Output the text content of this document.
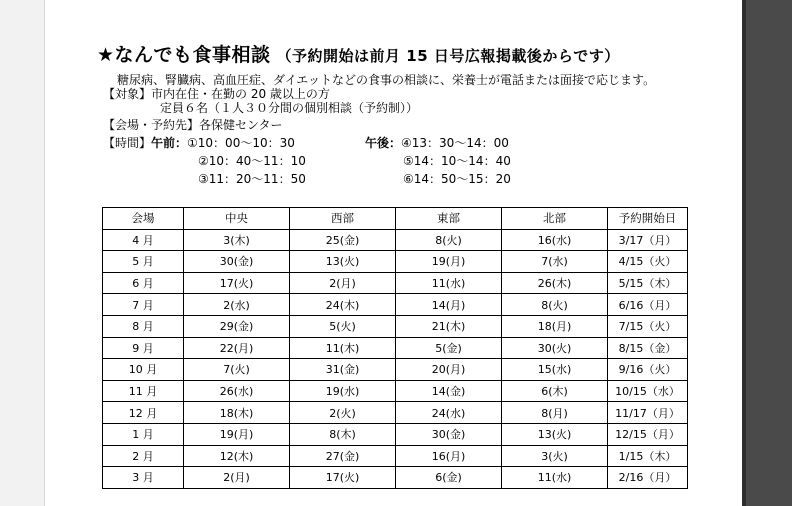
★なんでも食事相談 （予約開始は前月 15 日号広報掲載後からです）
糖尿病、腎臓病、高血圧症、ダイエットなどの食事の相談に、栄養士が電話または面接で応じます。
【対象】市内在住・在勤の 20 歳以上の方
定員６名（１人３０分間の個別相談（予約制））
【会場・予約先】各保健センター
【時間】午前：①10：00～10：30
②10：40～11：10
③11：20～11：50
午後：④13：30～14：00
⑤14：10～14：40
⑥14：50～15：20
会場	中央	西部	東部	北部	予約開始日
4 月	3(木)	25(金)	8(火)	16(水)	3/17（月）
5 月	30(金)	13(火)	19(月)	7(水)	4/15（火）
6 月	17(火)	2(月)	11(水)	26(木)	5/15（木）
7 月	2(水)	24(木)	14(月)	8(火)	6/16（月）
8 月	29(金)	5(火)	21(木)	18(月)	7/15（火）
9 月	22(月)	11(木)	5(金)	30(火)	8/15（金）
10 月	7(火)	31(金)	20(月)	15(水)	9/16（火）
11 月	26(水)	19(水)	14(金)	6(木)	10/15（水）
12 月	18(木)	2(火)	24(水)	8(月)	11/17（月）
1 月	19(月)	8(木)	30(金)	13(火)	12/15（月）
2 月	12(木)	27(金)	16(月)	3(火)	1/15（木）
3 月	2(月)	17(火)	6(金)	11(水)	2/16（月）
